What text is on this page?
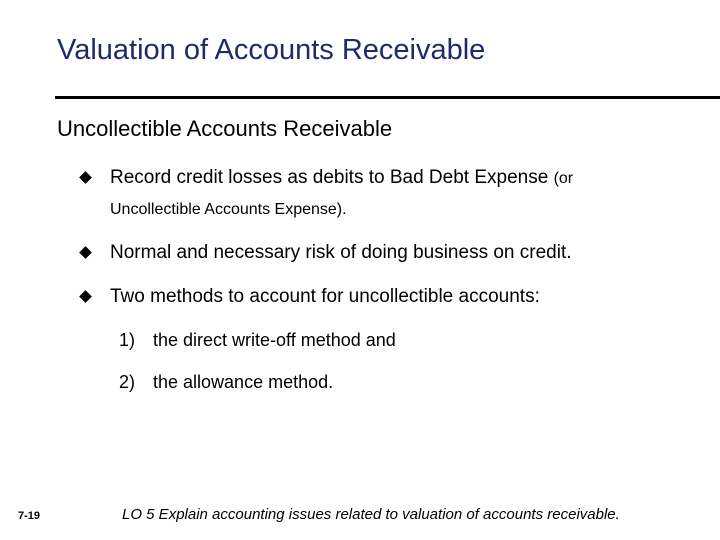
Valuation of Accounts Receivable
Uncollectible Accounts Receivable
Record credit losses as debits to Bad Debt Expense (or
Uncollectible Accounts Expense).
Normal and necessary risk of doing business on credit.
Two methods to account for uncollectible accounts:
1) the direct write-off method and
2) the allowance method.
7-19	LO 5 Explain accounting issues related to valuation of accounts receivable.
